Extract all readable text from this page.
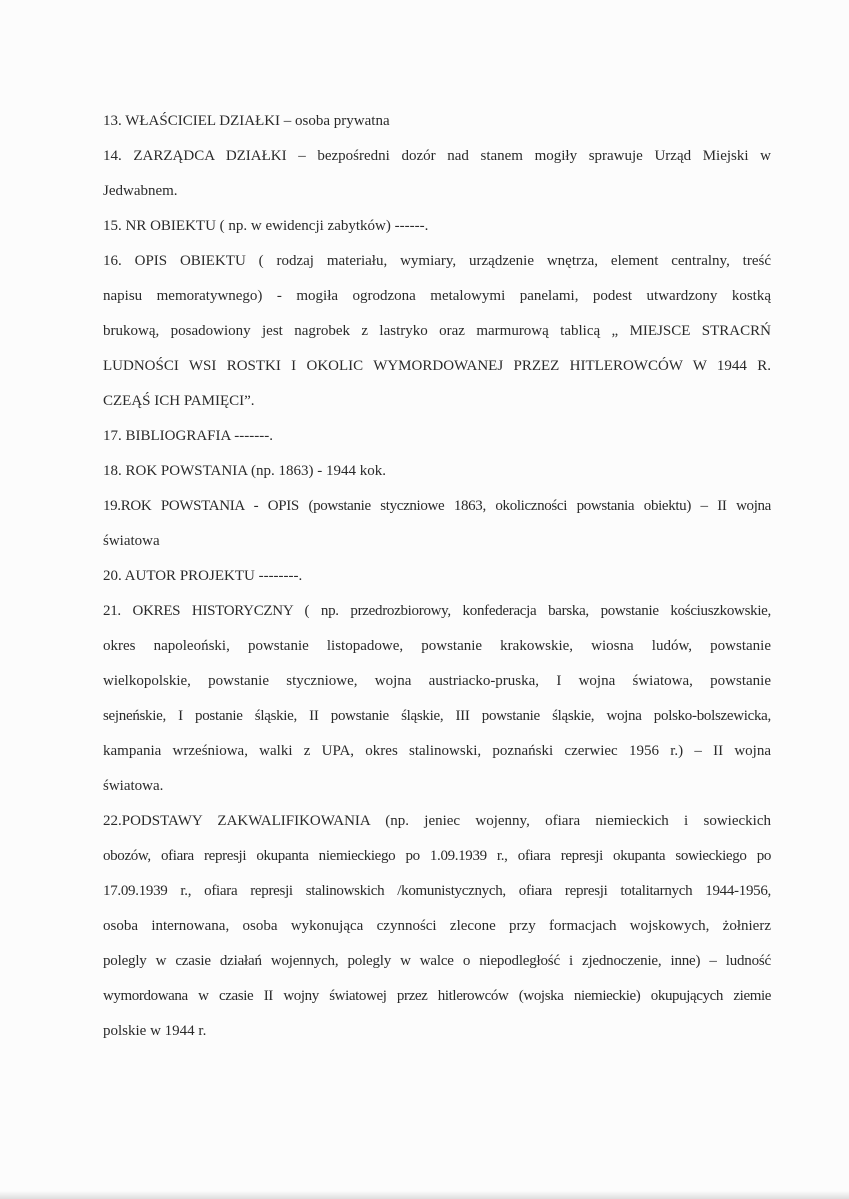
13. WŁAŚCICIEL DZIAŁKI – osoba prywatna
14. ZARZĄDCA DZIAŁKI – bezpośredni dozór nad stanem mogiły sprawuje Urząd Miejski w
Jedwabnem.
15. NR OBIEKTU ( np. w ewidencji zabytków) ------.
16. OPIS OBIEKTU ( rodzaj materiału, wymiary, urządzenie wnętrza, element centralny, treść
napisu memoratywnego) - mogiła ogrodzona metalowymi panelami, podest utwardzony kostką
brukową, posadowiony jest nagrobek z lastryko oraz marmurową tablicą „ MIEJSCE STRACRŃ
LUDNOŚCI WSI ROSTKI I OKOLIC WYMORDOWANEJ PRZEZ HITLEROWCÓW W 1944 R.
CZEĄŚ ICH PAMIĘCI”.
17. BIBLIOGRAFIA -------.
18. ROK POWSTANIA (np. 1863) - 1944 kok.
19.ROK POWSTANIA - OPIS (powstanie styczniowe 1863, okoliczności powstania obiektu) – II wojna
światowa
20. AUTOR PROJEKTU --------.
21. OKRES HISTORYCZNY ( np. przedrozbiorowy, konfederacja barska, powstanie kościuszkowskie,
okres napoleoński, powstanie listopadowe, powstanie krakowskie, wiosna ludów, powstanie
wielkopolskie, powstanie styczniowe, wojna austriacko-pruska, I wojna światowa, powstanie
sejneńskie, I postanie śląskie, II powstanie śląskie, III powstanie śląskie, wojna polsko-bolszewicka,
kampania wrześniowa, walki z UPA, okres stalinowski, poznański czerwiec 1956 r.) – II wojna
światowa.
22.PODSTAWY ZAKWALIFIKOWANIA (np. jeniec wojenny, ofiara niemieckich i sowieckich
obozów, ofiara represji okupanta niemieckiego po 1.09.1939 r., ofiara represji okupanta sowieckiego po
17.09.1939 r., ofiara represji stalinowskich /komunistycznych, ofiara represji totalitarnych 1944-1956,
osoba internowana, osoba wykonująca czynności zlecone przy formacjach wojskowych, żołnierz
polegly w czasie działań wojennych, polegly w walce o niepodległość i zjednoczenie, inne) – ludność
wymordowana w czasie II wojny światowej przez hitlerowców (wojska niemieckie) okupujących ziemie
polskie w 1944 r.
